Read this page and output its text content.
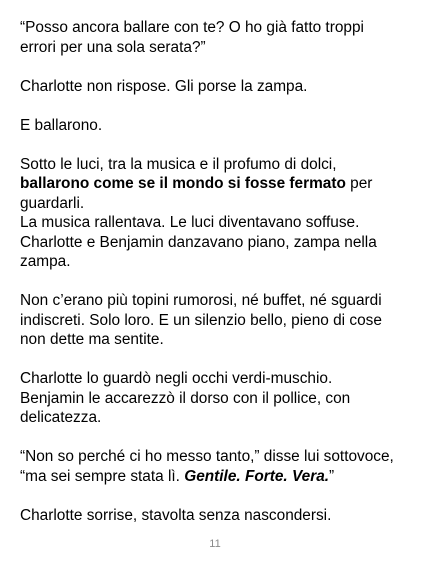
“Posso ancora ballare con te? O ho già fatto troppi
errori per una sola serata?”

Charlotte non rispose. Gli porse la zampa.

E ballarono.

Sotto le luci, tra la musica e il profumo di dolci,
ballarono come se il mondo si fosse fermato per
guardarli.
La musica rallentava. Le luci diventavano soffuse.
Charlotte e Benjamin danzavano piano, zampa nella
zampa.

Non c’erano più topini rumorosi, né buffet, né sguardi
indiscreti. Solo loro. E un silenzio bello, pieno di cose
non dette ma sentite.

Charlotte lo guardò negli occhi verdi-muschio.
Benjamin le accarezzò il dorso con il pollice, con
delicatezza.

“Non so perché ci ho messo tanto,” disse lui sottovoce,
“ma sei sempre stata lì. Gentile. Forte. Vera.”

Charlotte sorrise, stavolta senza nascondersi.

11
